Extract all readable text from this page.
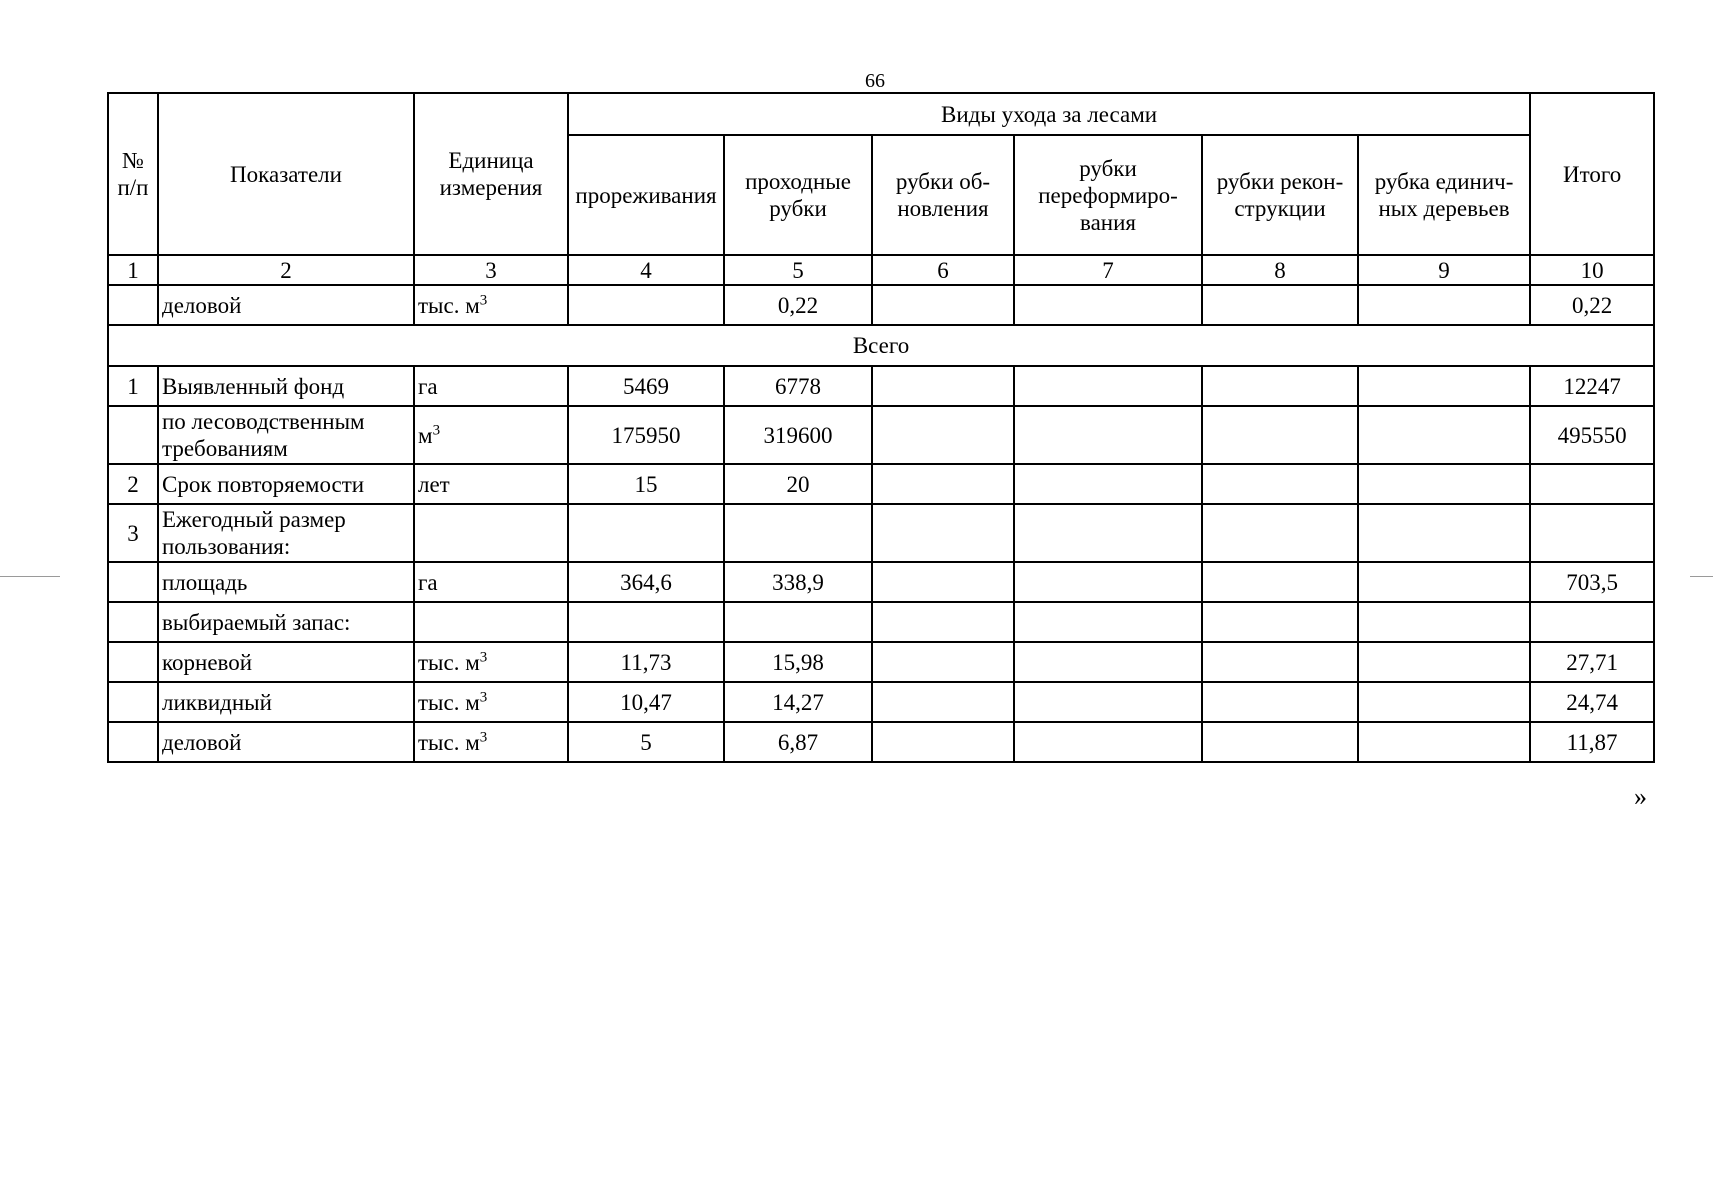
66
№ п/п	Показатели	Единица измерения	Виды ухода за лесами						Итого
			прореживания	проходные рубки	рубки об-новления	рубки переформиро-вания	рубки рекон-струкции	рубка единич-ных деревьев	
1	2	3	4	5	6	7	8	9	10
	деловой	тыс. $м^3$		0,22					0,22
Всего									
1	Выявленный фонд	га	5469	6778					12247
	по лесоводственным требованиям	$м^3$	175950	319600					495550
2	Срок повторяемости	лет	15	20					
3	Ежегодный размер пользования:								
	площадь	га	364,6	338,9					703,5
	выбираемый запас:								
	корневой	тыс. $м^3$	11,73	15,98					27,71
	ликвидный	тыс. $м^3$	10,47	14,27					24,74
	деловой	тыс. $м^3$	5	6,87					11,87
»
